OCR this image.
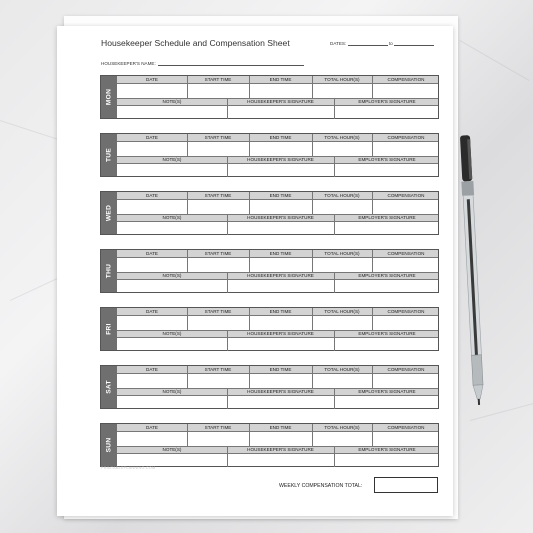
Housekeeper Schedule and Compensation Sheet	DATES:	to
HOUSEKEEPER'S NAME:
MON
DATE	START TIME	END TIME	TOTAL HOUR(S)	COMPENSATION
NOTE(S)	HOUSEKEEPER'S SIGNATURE	EMPLOYER'S SIGNATURE
TUE
DATE	START TIME	END TIME	TOTAL HOUR(S)	COMPENSATION
NOTE(S)	HOUSEKEEPER'S SIGNATURE	EMPLOYER'S SIGNATURE
WED
DATE	START TIME	END TIME	TOTAL HOUR(S)	COMPENSATION
NOTE(S)	HOUSEKEEPER'S SIGNATURE	EMPLOYER'S SIGNATURE
THU
DATE	START TIME	END TIME	TOTAL HOUR(S)	COMPENSATION
NOTE(S)	HOUSEKEEPER'S SIGNATURE	EMPLOYER'S SIGNATURE
FRI
DATE	START TIME	END TIME	TOTAL HOUR(S)	COMPENSATION
NOTE(S)	HOUSEKEEPER'S SIGNATURE	EMPLOYER'S SIGNATURE
SAT
DATE	START TIME	END TIME	TOTAL HOUR(S)	COMPENSATION
NOTE(S)	HOUSEKEEPER'S SIGNATURE	EMPLOYER'S SIGNATURE
SUN
DATE	START TIME	END TIME	TOTAL HOUR(S)	COMPENSATION
NOTE(S)	HOUSEKEEPER'S SIGNATURE	EMPLOYER'S SIGNATURE
PRINTABLEPLANNING.COM
WEEKLY COMPENSATION TOTAL:
